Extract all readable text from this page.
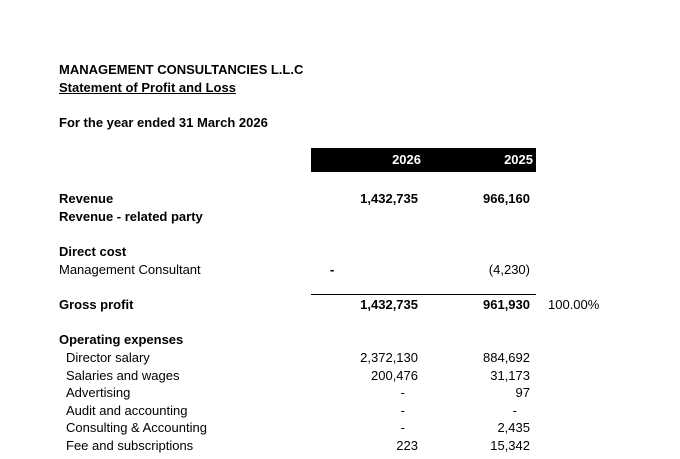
MANAGEMENT CONSULTANCIES L.L.C
Statement of Profit and Loss
For the year ended 31 March 2026
2026	2025
Revenue	1,432,735	966,160
Revenue - related party
Direct cost
Management Consultant	-	(4,230)
Gross profit	1,432,735	961,930 100.00%
Operating expenses
Director salary	2,372,130	884,692
Salaries and wages	200,476	31,173
Advertising	-	97
Audit and accounting	-	-
Consulting & Accounting	-	2,435
Fee and subscriptions	223	15,342
